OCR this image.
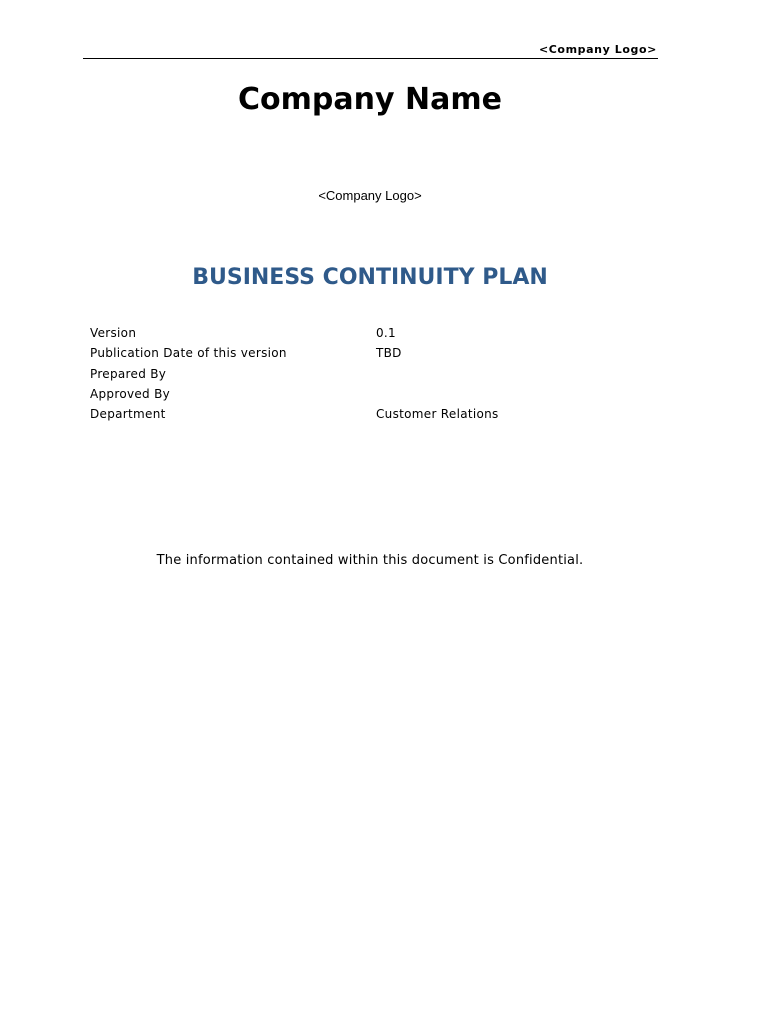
<Company Logo>
Company Name
<Company Logo>
BUSINESS CONTINUITY PLAN
Version	0.1
Publication Date of this version	TBD
Prepared By
Approved By
Department	Customer Relations
The information contained within this document is Confidential.
